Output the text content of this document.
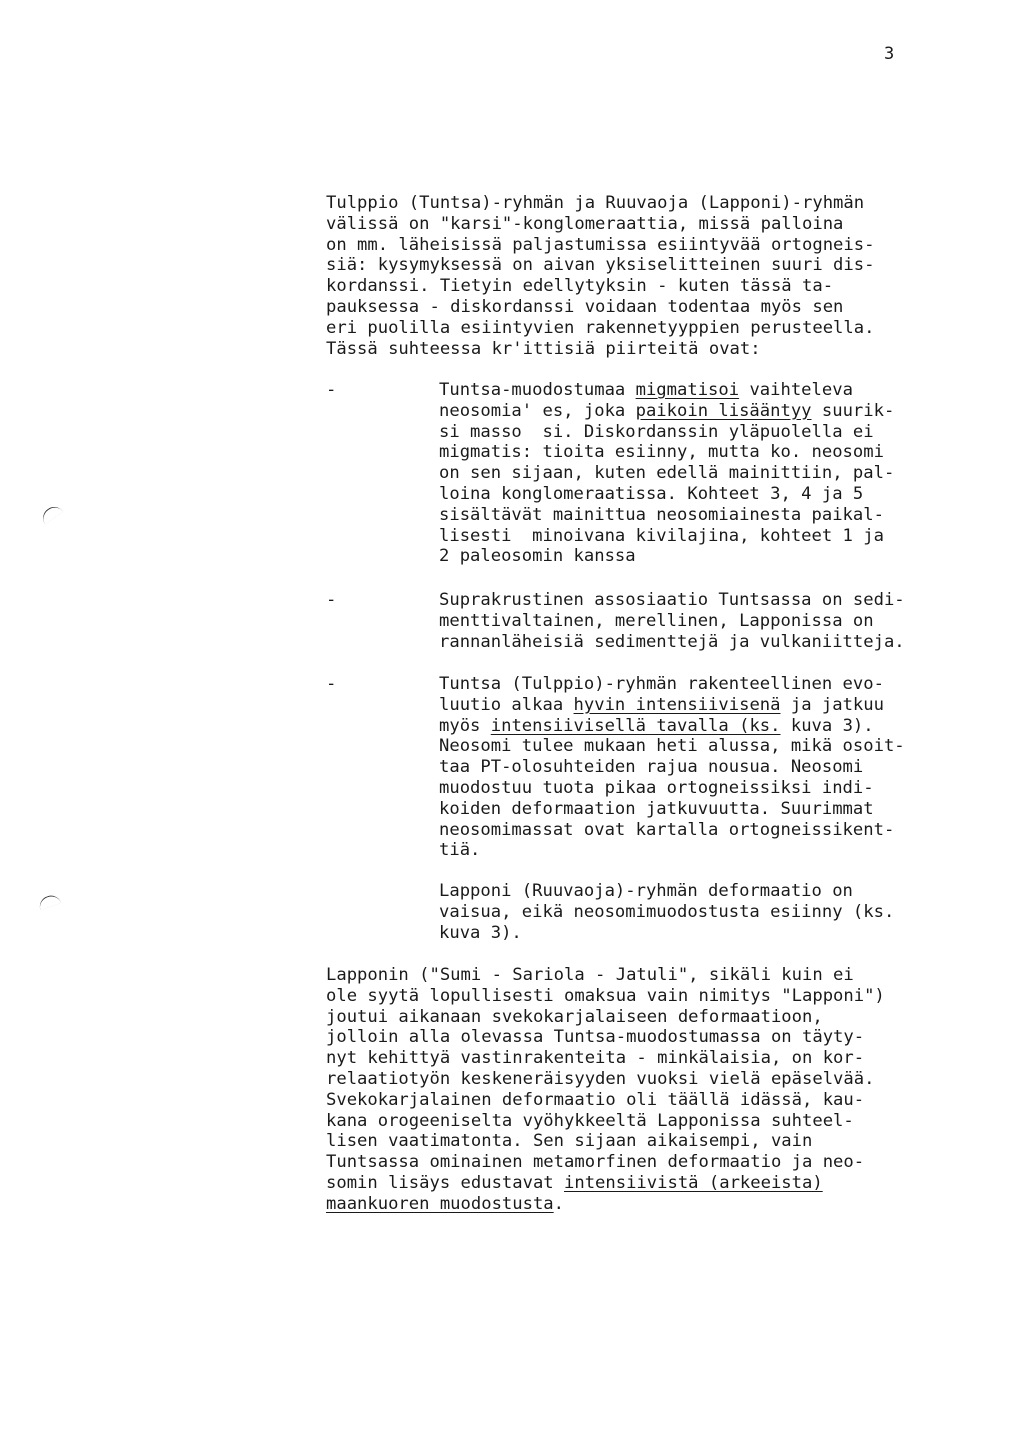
3
Tulppio (Tuntsa)-ryhmän ja Ruuvaoja (Lapponi)-ryhmän
välissä on "karsi"-konglomeraattia, missä palloina
on mm. läheisissä paljastumissa esiintyvää ortogneis-
siä: kysymyksessä on aivan yksiselitteinen suuri dis-
kordanssi. Tietyin edellytyksin - kuten tässä ta-
pauksessa - diskordanssi voidaan todentaa myös sen
eri puolilla esiintyvien rakennetyyppien perusteella.
Tässä suhteessa kr'ittisiä piirteitä ovat:
-	Tuntsa-muodostumaa migmatisoi vaihteleva
neosomia' es, joka paikoin lisääntyy suurik-
si masso  si. Diskordanssin yläpuolella ei
migmatis: tioita esiinny, mutta ko. neosomi
on sen sijaan, kuten edellä mainittiin, pal-
loina konglomeraatissa. Kohteet 3, 4 ja 5
sisältävät mainittua neosomiainesta paikal-
lisesti  minoivana kivilajina, kohteet 1 ja
2 paleosomin kanssa
-	Suprakrustinen assosiaatio Tuntsassa on sedi-
menttivaltainen, merellinen, Lapponissa on
rannanläheisiä sedimenttejä ja vulkaniitteja.
-	Tuntsa (Tulppio)-ryhmän rakenteellinen evo-
luutio alkaa hyvin intensiivisenä ja jatkuu
myös intensiivisellä tavalla (ks. kuva 3).
Neosomi tulee mukaan heti alussa, mikä osoit-
taa PT-olosuhteiden rajua nousua. Neosomi
muodostuu tuota pikaa ortogneissiksi indi-
koiden deformaation jatkuvuutta. Suurimmat
neosomimassat ovat kartalla ortogneissikent-
tiä.
Lapponi (Ruuvaoja)-ryhmän deformaatio on
vaisua, eikä neosomimuodostusta esiinny (ks.
kuva 3).
Lapponin ("Sumi - Sariola - Jatuli", sikäli kuin ei
ole syytä lopullisesti omaksua vain nimitys "Lapponi")
joutui aikanaan svekokarjalaiseen deformaatioon,
jolloin alla olevassa Tuntsa-muodostumassa on täyty-
nyt kehittyä vastinrakenteita - minkälaisia, on kor-
relaatiotyön keskeneräisyyden vuoksi vielä epäselvää.
Svekokarjalainen deformaatio oli täällä idässä, kau-
kana orogeeniselta vyöhykkeeltä Lapponissa suhteel-
lisen vaatimatonta. Sen sijaan aikaisempi, vain
Tuntsassa ominainen metamorfinen deformaatio ja neo-
somin lisäys edustavat intensiivistä (arkeeista)
maankuoren muodostusta.
